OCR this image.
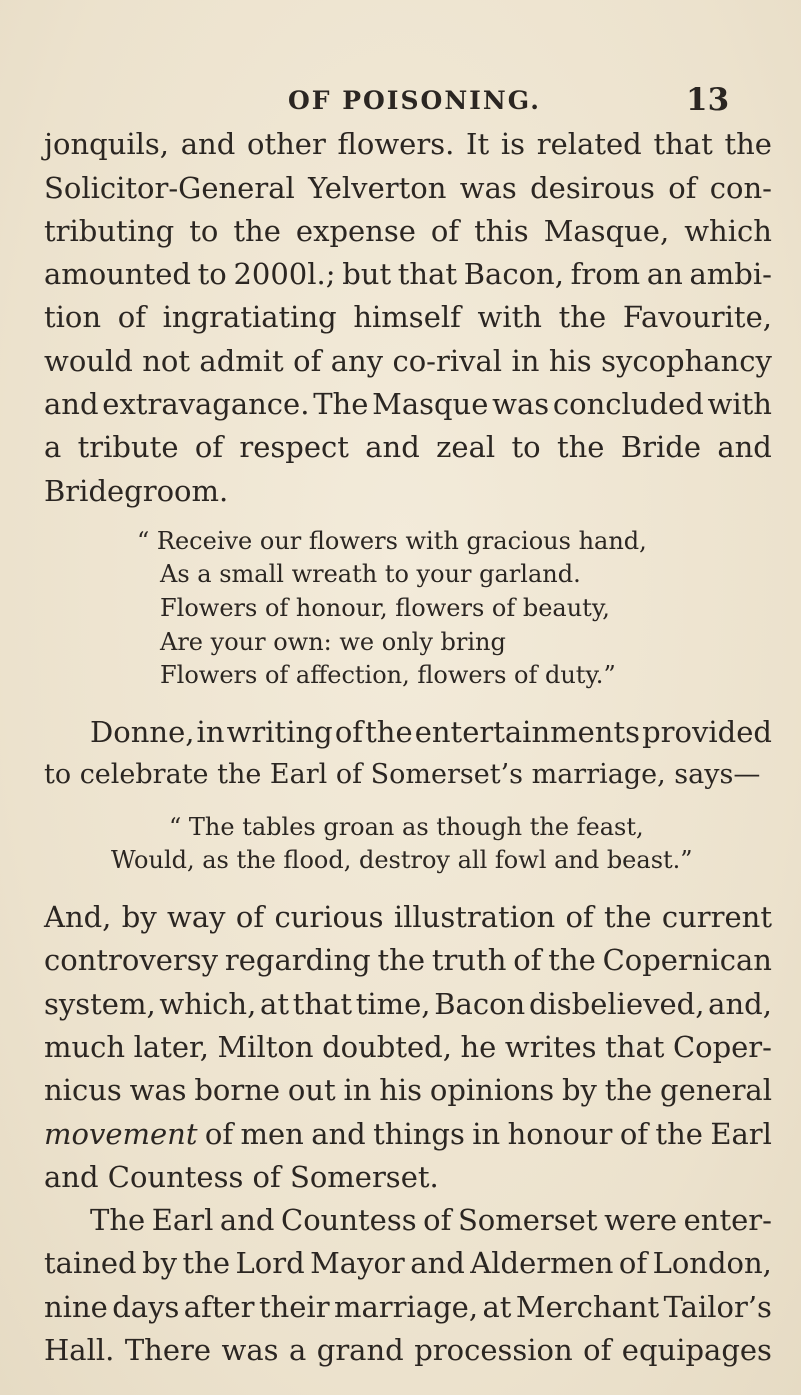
OF POISONING.	13
jonquils, and other flowers. It is related that the
Solicitor-General Yelverton was desirous of con-
tributing to the expense of this Masque, which
amounted to 2000l.; but that Bacon, from an ambi-
tion of ingratiating himself with the Favourite,
would not admit of any co-rival in his sycophancy
and extravagance. The Masque was concluded with
a tribute of respect and zeal to the Bride and
Bridegroom.
“ Receive our flowers with gracious hand,
As a small wreath to your garland.
Flowers of honour, flowers of beauty,
Are your own: we only bring
Flowers of affection, flowers of duty.”
Donne, in writing of the entertainments provided
to celebrate the Earl of Somerset’s marriage, says—
“ The tables groan as though the feast,
Would, as the flood, destroy all fowl and beast.”
And, by way of curious illustration of the current
controversy regarding the truth of the Copernican
system, which, at that time, Bacon disbelieved, and,
much later, Milton doubted, he writes that Coper-
nicus was borne out in his opinions by the general
movement of men and things in honour of the Earl
and Countess of Somerset.
The Earl and Countess of Somerset were enter-
tained by the Lord Mayor and Aldermen of London,
nine days after their marriage, at Merchant Tailor’s
Hall. There was a grand procession of equipages
